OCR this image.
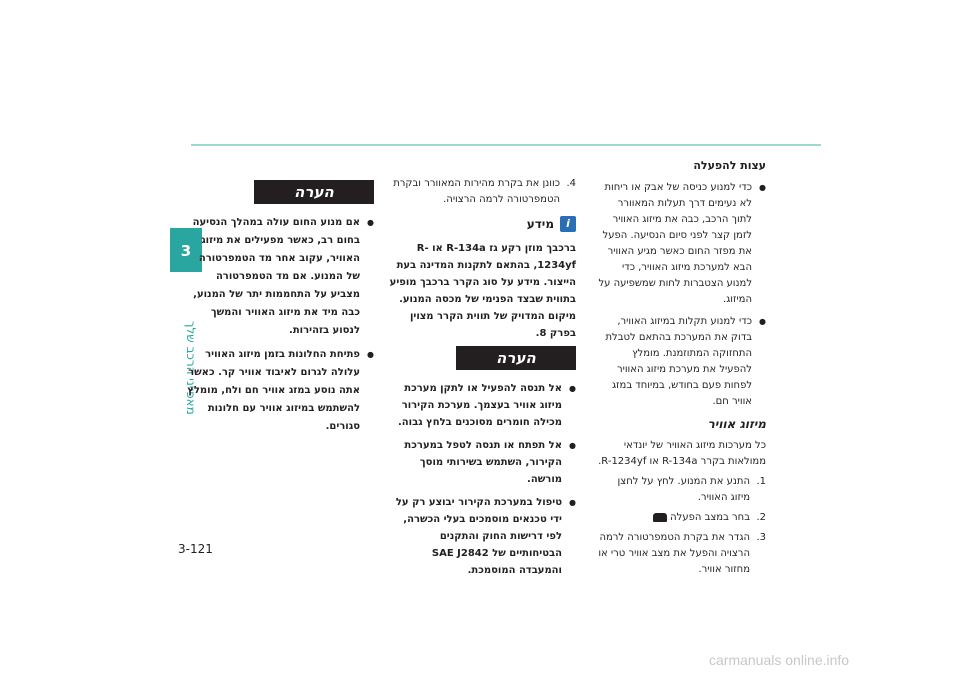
3
מאפייני הרכב שלך

עצות להפעלה

● כדי למנוע כניסה של אבק או ריחות לא נעימים דרך תעלות המאוורר לתוך הרכב, כבה את מיזוג האוויר לזמן קצר לפני סיום הנסיעה. הפעל את מפזר החום כאשר מגיע האוויר הבא למערכת מיזוג האוויר, כדי למנוע הצטברות לחות שמשפיעה על המיזוג.

● כדי למנוע תקלות במיזוג האוויר, בדוק את המערכת בהתאם לטבלת התחזוקה המתוזמנת. מומלץ להפעיל את מערכת מיזוג האוויר לפחות פעם בחודש, במיוחד במזג אוויר חם.

מיזוג אוויר

כל מערכות מיזוג האוויר של יונדאי ממולאות בקרר R-134a או R-1234yf.

1.
התנע את המנוע. לחץ על לחצן מיזוג האוויר.

2.
בחר במצב הפעלה

3.
הגדר את בקרת הטמפרטורה לרמה הרצויה והפעל את מצב אוויר טרי או מחזור אוויר.

4.
כוונן את בקרת מהירות המאוורר ובקרת הטמפרטורה לרמה הרצויה.

i
מידע

ברכבך מוזן רקע גז R-134a או R-1234yf, בהתאם לתקנות המדינה בעת הייצור. מידע על סוג הקרר ברכבך מופיע בתווית שבצד הפנימי של מכסה המנוע. מיקום המדויק של תווית הקרר מצוין בפרק 8.

הערה

● אל תנסה להפעיל או לתקן מערכת מיזוג אוויר בעצמך. מערכת הקירור מכילה חומרים מסוכנים בלחץ גבוה.

● אל תפתח או תנסה לטפל במערכת הקירור, השתמש בשירותי מוסך מורשה.

● טיפול במערכת הקירור יבוצע רק על ידי טכנאים מוסמכים בעלי הכשרה, לפי דרישות החוק והתקנים הבטיחותיים של SAE J2842 והמעבדה המוסמכת.

הערה

● אם מנוע החום עולה במהלך הנסיעה בחום רב, כאשר מפעילים את מיזוג האוויר, עקוב אחר מד הטמפרטורה של המנוע. אם מד הטמפרטורה מצביע על התחממות יתר של המנוע, כבה מיד את מיזוג האוויר והמשך לנסוע בזהירות.

● פתיחת החלונות בזמן מיזוג האוויר עלולה לגרום לאיבוד אוויר קר. כאשר אתה נוסע במזג אוויר חם ולח, מומלץ להשתמש במיזוג אוויר עם חלונות סגורים.

3-121
carmanuals online.info
